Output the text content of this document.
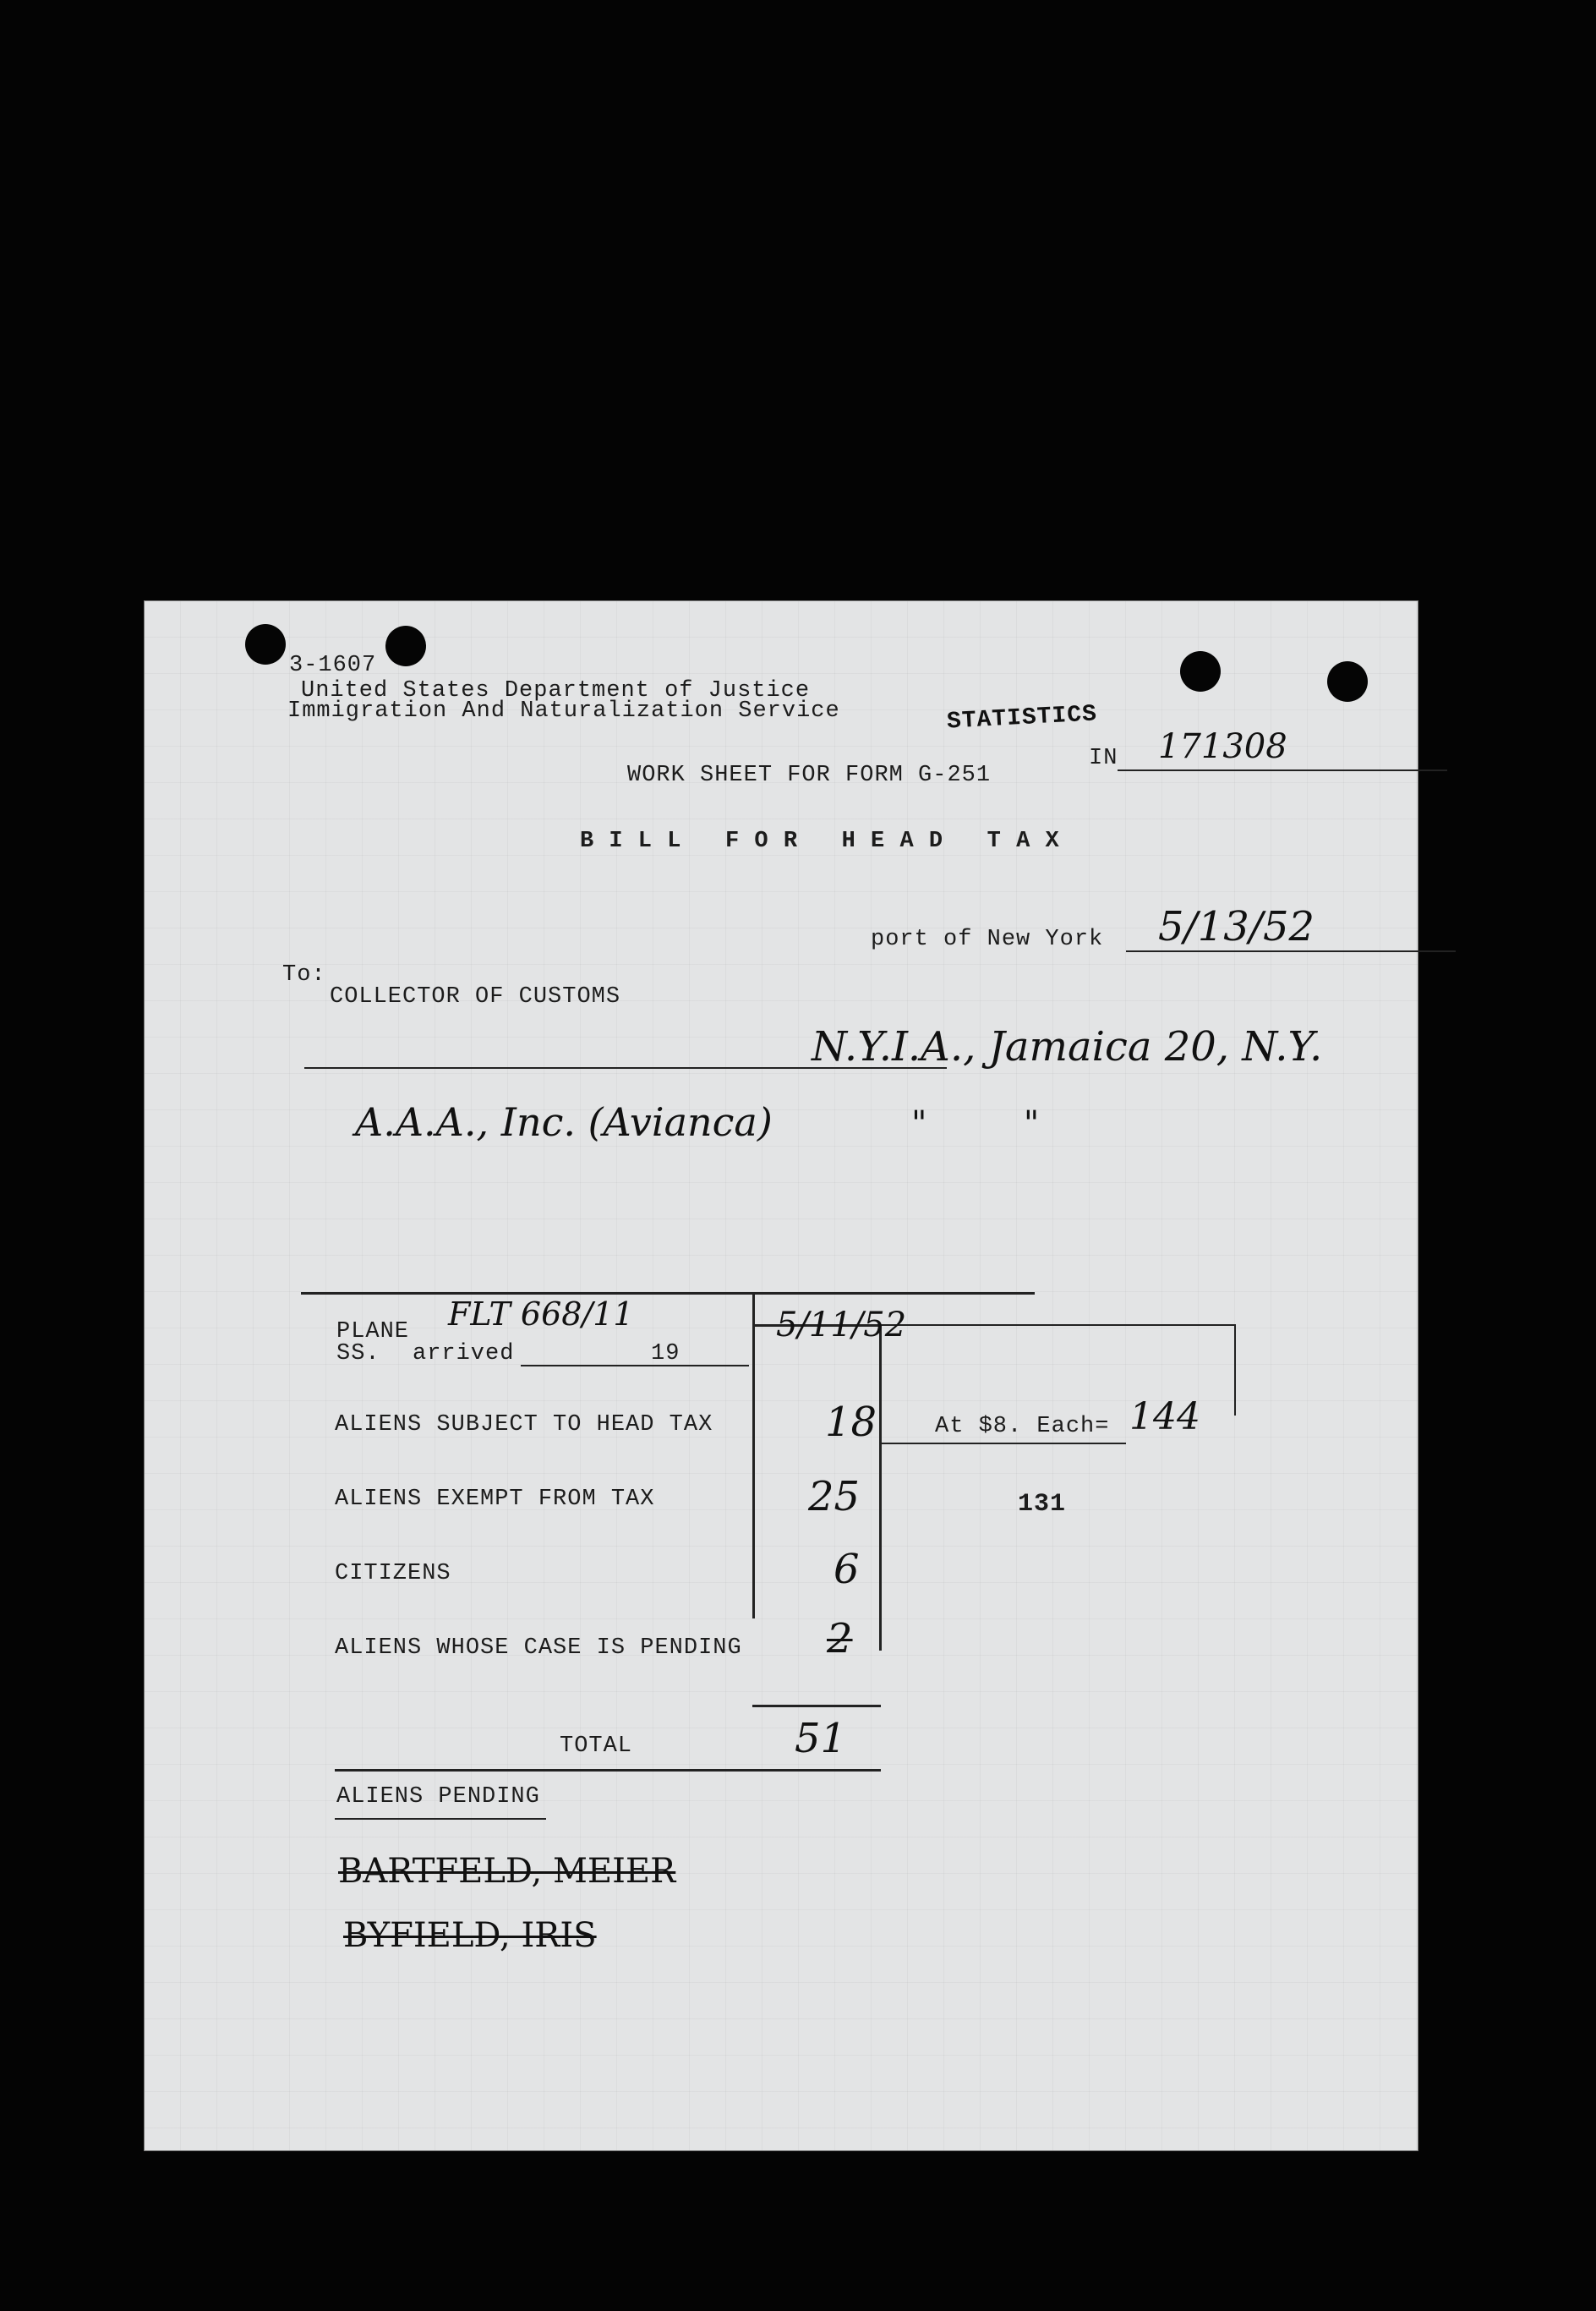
3-1607
United States Department of Justice
Immigration And Naturalization Service	STATISTICS
IN 171308
WORK SHEET FOR FORM G-251
B I L L   F O R   H E A D   T A X
port of New York 5/13/52
To:
COLLECTOR OF CUSTOMS
N.Y.I.A., Jamaica 20, N.Y.
A.A.A., Inc. (Avianca)	"         "
PLANE FLT 668/11
SS. arrived	19
5/11/52
ALIENS SUBJECT TO HEAD TAX	18	At $8. Each= 144
ALIENS EXEMPT FROM TAX	25	131
CITIZENS	6
ALIENS WHOSE CASE IS PENDING 2
TOTAL	51
ALIENS PENDING
BARTFELD, MEIER
BYFIELD, IRIS
